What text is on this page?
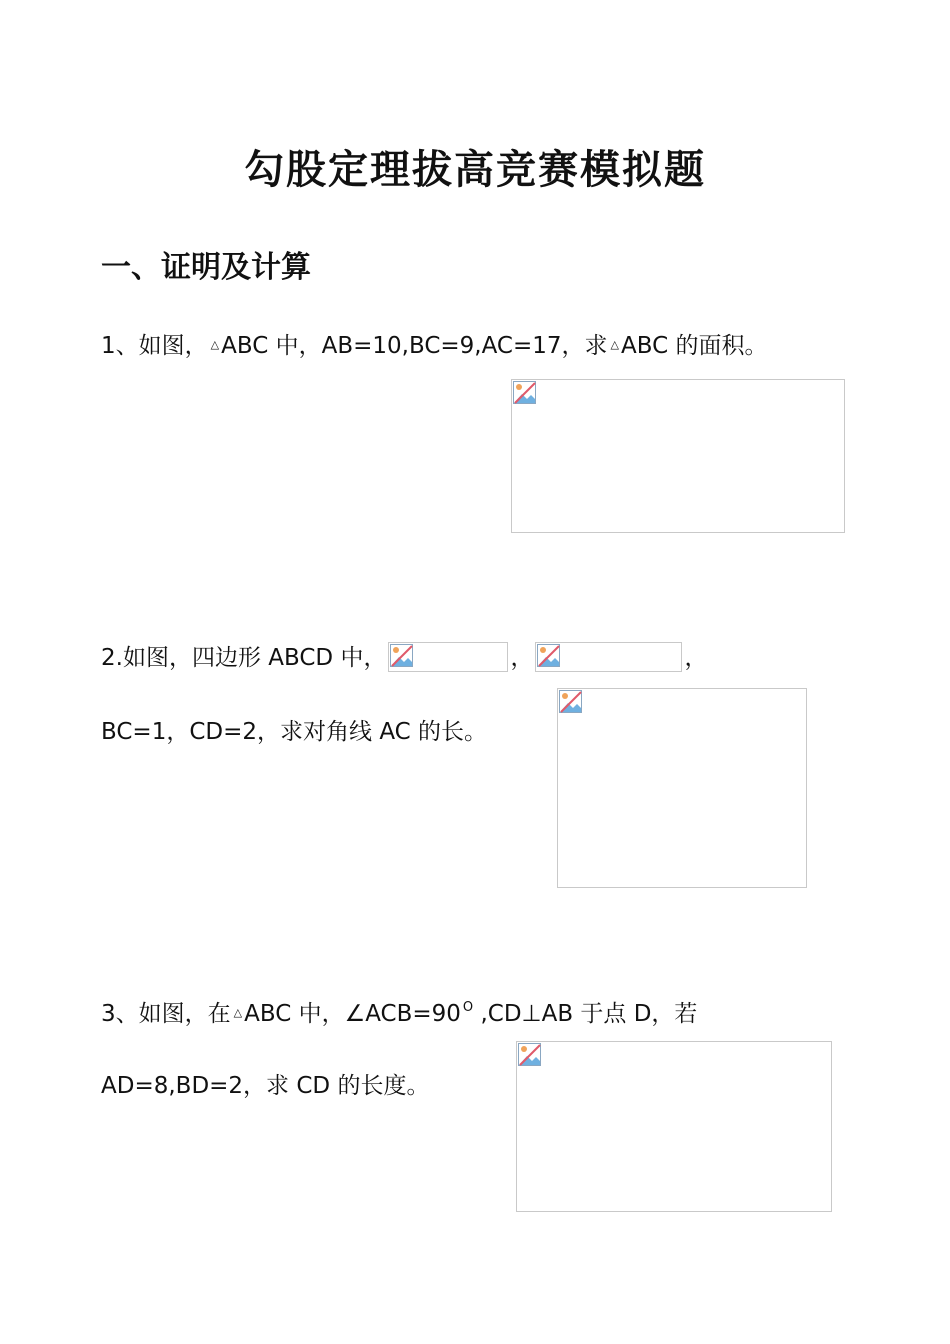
勾股定理拔高竞赛模拟题
一、证明及计算
1、如图， △ABC 中，AB=10,BC=9,AC=17，求 △ABC 的面积。
2.如图，四边形 ABCD 中，	，	，
BC=1，CD=2，求对角线 AC 的长。
3、如图，在 △ABC 中，∠ACB=90 $^O$ ,CD⊥AB 于点 D，若
AD=8,BD=2，求 CD 的长度。
